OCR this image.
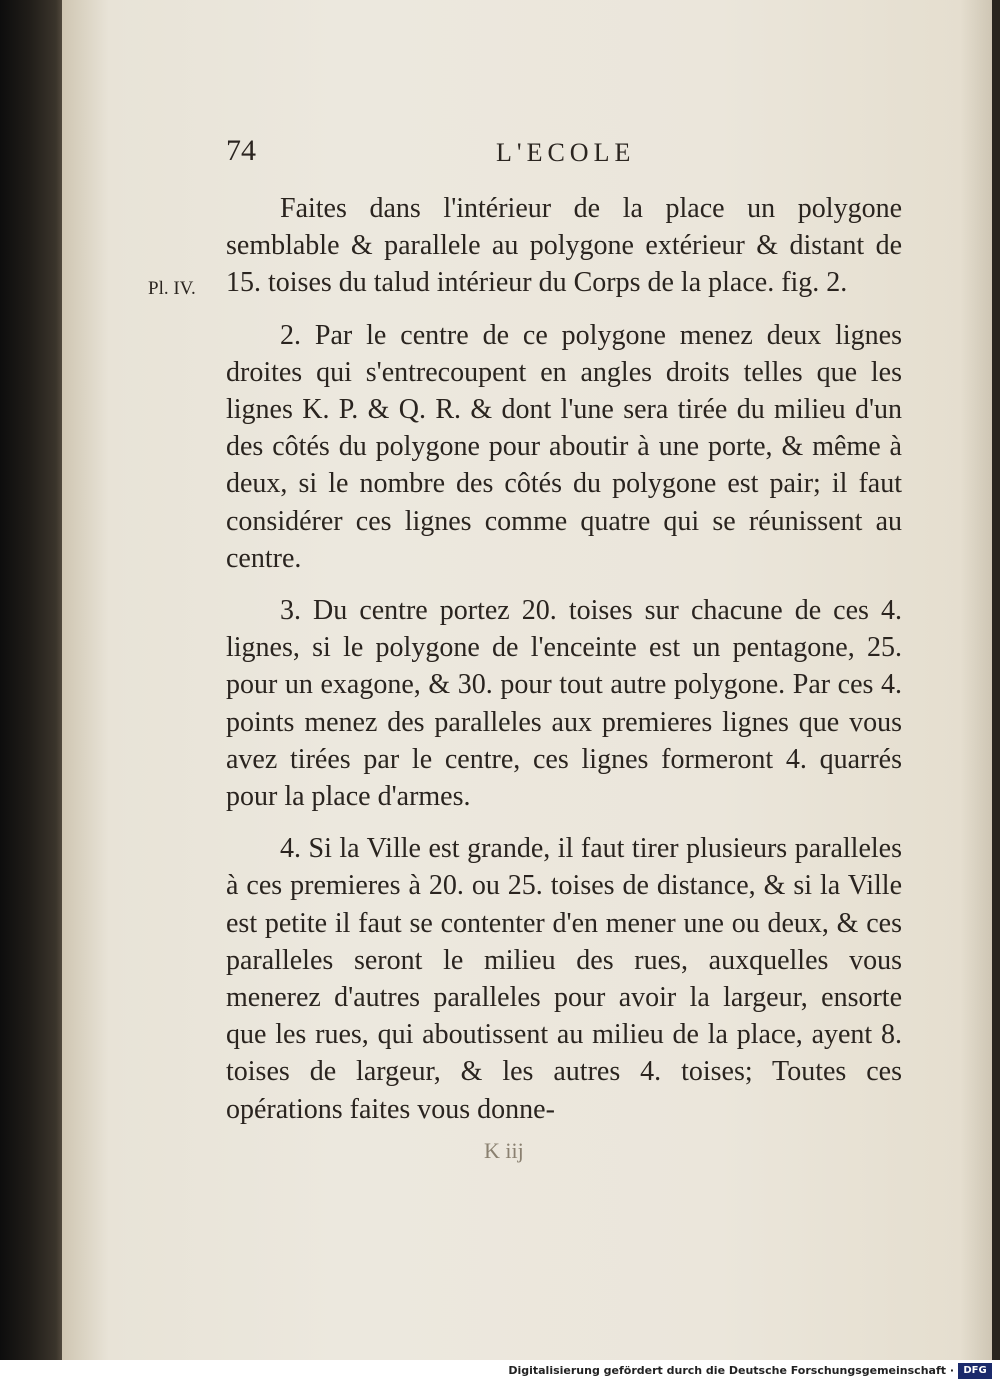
74	L'ECOLE
Pl. IV.

Faites dans l'intérieur de la place un polygone semblable & parallele au polygone extérieur & distant de 15. toises du talud intérieur du Corps de la place. fig. 2.

2. Par le centre de ce polygone menez deux lignes droites qui s'entrecoupent en angles droits telles que les lignes K. P. & Q. R. & dont l'une sera tirée du milieu d'un des côtés du polygone pour aboutir à une porte, & même à deux, si le nombre des côtés du polygone est pair; il faut considérer ces lignes comme quatre qui se réunissent au centre.

3. Du centre portez 20. toises sur chacune de ces 4. lignes, si le polygone de l'enceinte est un pentagone, 25. pour un exagone, & 30. pour tout autre polygone. Par ces 4. points menez des paralleles aux premieres lignes que vous avez tirées par le centre, ces lignes formeront 4. quarrés pour la place d'armes.

4. Si la Ville est grande, il faut tirer plusieurs paralleles à ces premieres à 20. ou 25. toises de distance, & si la Ville est petite il faut se contenter d'en mener une ou deux, & ces paralleles seront le milieu des rues, auxquelles vous menerez d'autres paralleles pour avoir la largeur, ensorte que les rues, qui aboutissent au milieu de la place, ayent 8. toises de largeur, & les autres 4. toises; Toutes ces opérations faites vous donne-

K iij
Digitalisierung gefördert durch die Deutsche Forschungsgemeinschaft · DFG
